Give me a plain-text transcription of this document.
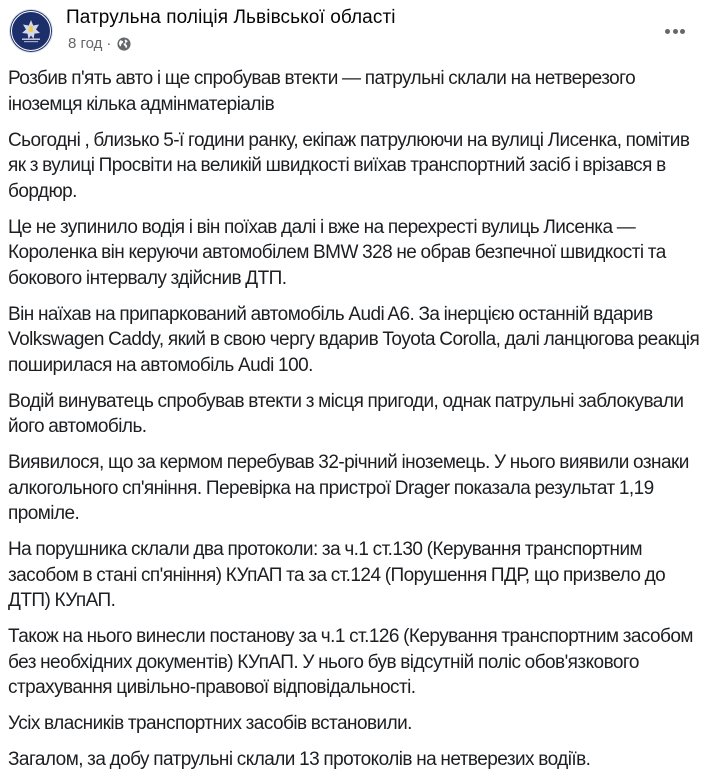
Патрульна поліція Львівської області
8 год ·

Розбив п'ять авто і ще спробував втекти — патрульні склали на нетверезого іноземця кілька адмінматеріалів

Сьогодні , близько 5-ї години ранку, екіпаж патрулюючи на вулиці Лисенка, помітив як з вулиці Просвіти на великій швидкості виїхав транспортний засіб і врізався в бордюр.

Це не зупинило водія і він поїхав далі і вже на перехресті вулиць Лисенка — Короленка він керуючи автомобілем BMW 328 не обрав безпечної швидкості та бокового інтервалу здійснив ДТП.

Він наїхав на припаркований автомобіль Audi A6. За інерцією останній вдарив Volkswagen Caddy, який в свою чергу вдарив Toyota Corolla, далі ланцюгова реакція поширилася на автомобіль Audi 100.

Водій винуватець спробував втекти з місця пригоди, однак патрульні заблокували його автомобіль.

Виявилося, що за кермом перебував 32-річний іноземець. У нього виявили ознаки алкогольного сп'яніння. Перевірка на пристрої Drager показала результат 1,19 проміле.

На порушника склали два протоколи: за ч.1 ст.130 (Керування транспортним засобом в стані сп'яніння) КУпАП та за ст.124 (Порушення ПДР, що призвело до ДТП) КУпАП.

Також на нього винесли постанову за ч.1 ст.126 (Керування транспортним засобом без необхідних документів) КУпАП. У нього був відсутній поліс обов'язкового страхування цивільно-правової відповідальності.

Усіх власників транспортних засобів встановили.

Загалом, за добу патрульні склали 13 протоколів на нетверезих водіїв.
